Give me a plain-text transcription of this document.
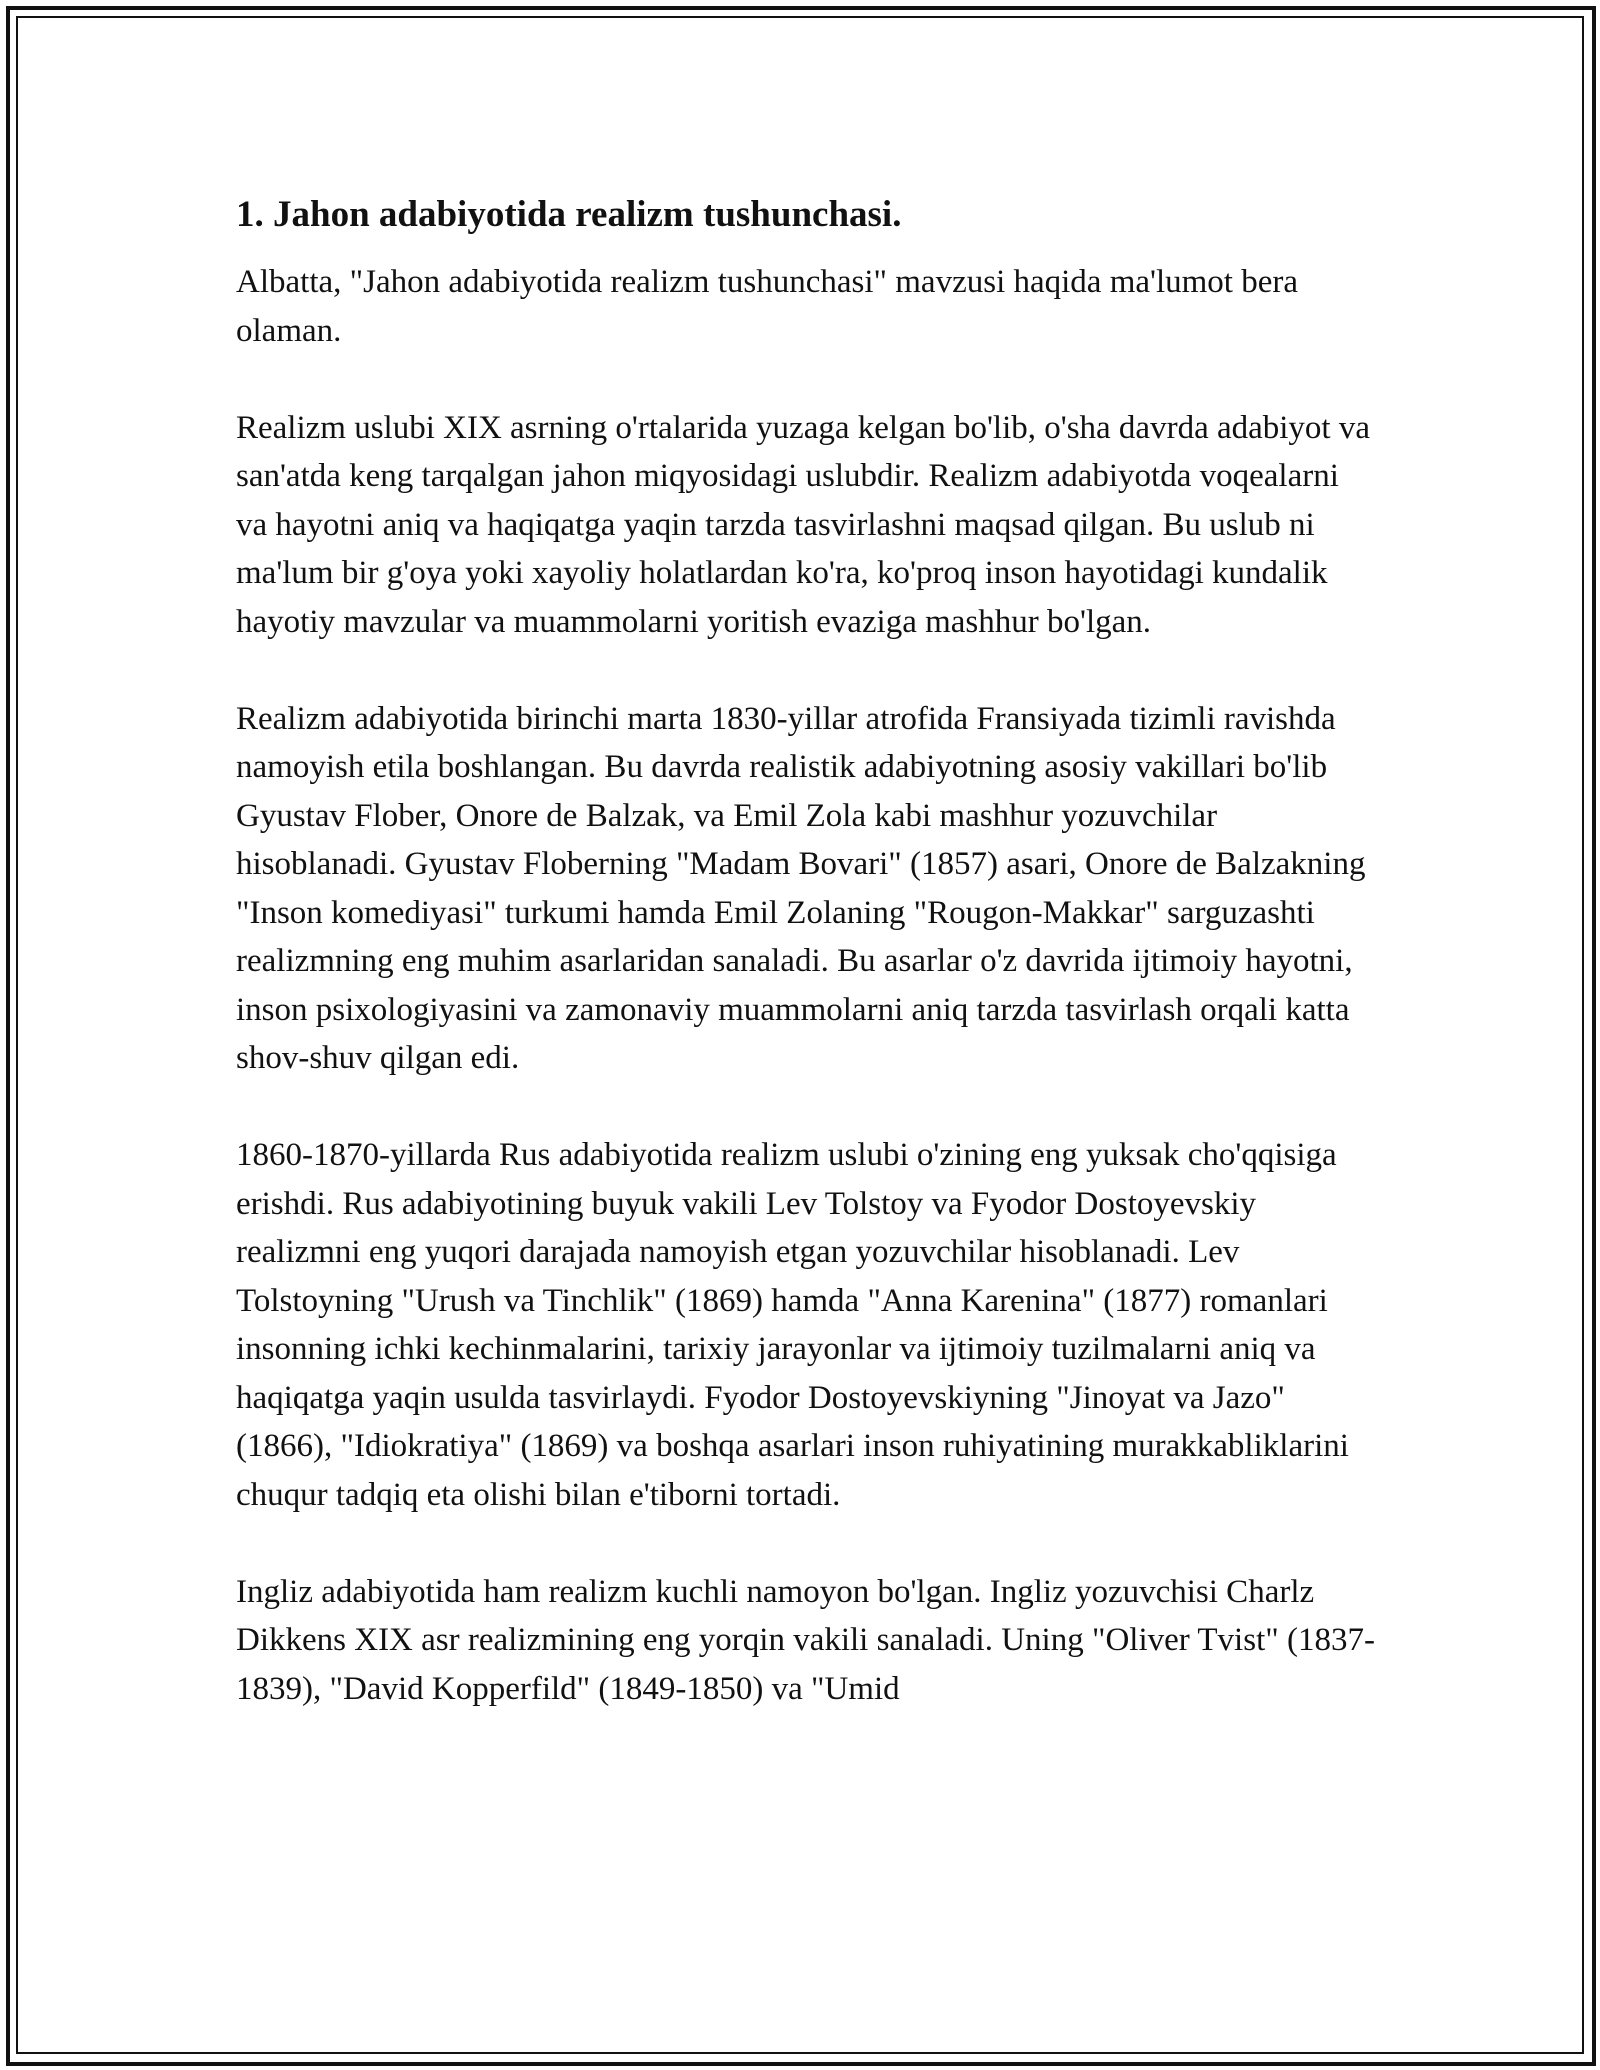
1. Jahon adabiyotida realizm tushunchasi.

Albatta, "Jahon adabiyotida realizm tushunchasi" mavzusi haqida ma'lumot bera olaman.

Realizm uslubi XIX asrning o'rtalarida yuzaga kelgan bo'lib, o'sha davrda adabiyot va san'atda keng tarqalgan jahon miqyosidagi uslubdir. Realizm adabiyotda voqealarni va hayotni aniq va haqiqatga yaqin tarzda tasvirlashni maqsad qilgan. Bu uslub ni ma'lum bir g'oya yoki xayoliy holatlardan ko'ra, ko'proq inson hayotidagi kundalik hayotiy mavzular va muammolarni yoritish evaziga mashhur bo'lgan.

Realizm adabiyotida birinchi marta 1830-yillar atrofida Fransiyada tizimli ravishda namoyish etila boshlangan. Bu davrda realistik adabiyotning asosiy vakillari bo'lib Gyustav Flober, Onore de Balzak, va Emil Zola kabi mashhur yozuvchilar hisoblanadi. Gyustav Floberning "Madam Bovari" (1857) asari, Onore de Balzakning "Inson komediyasi" turkumi hamda Emil Zolaning "Rougon-Makkar" sarguzashti realizmning eng muhim asarlaridan sanaladi. Bu asarlar o'z davrida ijtimoiy hayotni, inson psixologiyasini va zamonaviy muammolarni aniq tarzda tasvirlash orqali katta shov-shuv qilgan edi.

1860-1870-yillarda Rus adabiyotida realizm uslubi o'zining eng yuksak cho'qqisiga erishdi. Rus adabiyotining buyuk vakili Lev Tolstoy va Fyodor Dostoyevskiy realizmni eng yuqori darajada namoyish etgan yozuvchilar hisoblanadi. Lev Tolstoyning "Urush va Tinchlik" (1869) hamda "Anna Karenina" (1877) romanlari insonning ichki kechinmalarini, tarixiy jarayonlar va ijtimoiy tuzilmalarni aniq va haqiqatga yaqin usulda tasvirlaydi. Fyodor Dostoyevskiyning "Jinoyat va Jazo" (1866), "Idiokratiya" (1869) va boshqa asarlari inson ruhiyatining murakkabliklarini chuqur tadqiq eta olishi bilan e'tiborni tortadi.

Ingliz adabiyotida ham realizm kuchli namoyon bo'lgan. Ingliz yozuvchisi Charlz Dikkens XIX asr realizmining eng yorqin vakili sanaladi. Uning "Oliver Tvist" (1837-1839), "David Kopperfild" (1849-1850) va "Umid
